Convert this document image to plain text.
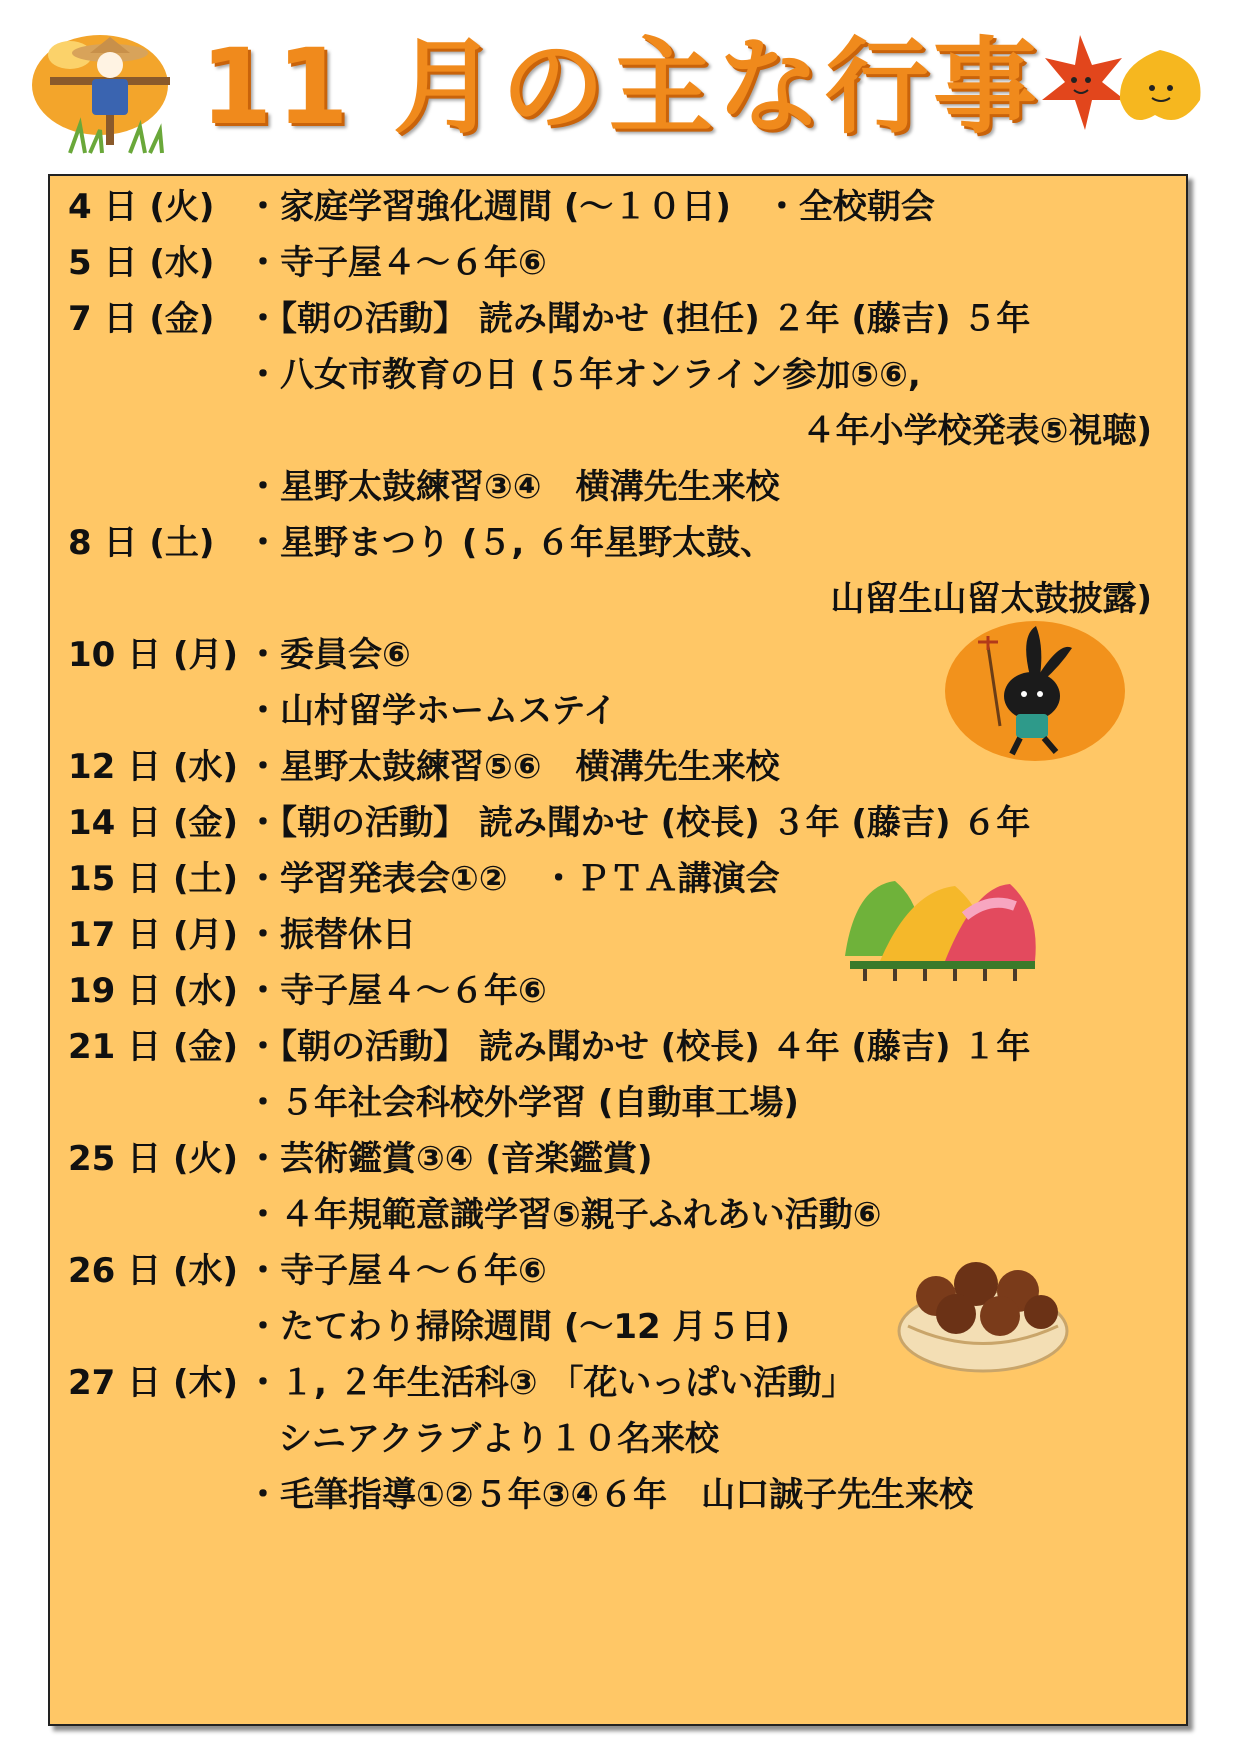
11 月の主な行事
4 日 (火) ・家庭学習強化週間 (～１０日)　・全校朝会
5 日 (水) ・寺子屋４～６年⑥
7 日 (金) ・【朝の活動】 読み聞かせ (担任) ２年 (藤吉) ５年
・八女市教育の日 (５年オンライン参加⑤⑥,
４年小学校発表⑤視聴)
・星野太鼓練習③④　横溝先生来校
8 日 (土) ・星野まつり (５, ６年星野太鼓、
山留生山留太鼓披露)
10 日 (月) ・委員会⑥
・山村留学ホームステイ
12 日 (水) ・星野太鼓練習⑤⑥　横溝先生来校
14 日 (金) ・【朝の活動】 読み聞かせ (校長) ３年 (藤吉) ６年
15 日 (土) ・学習発表会①②　・ＰＴＡ講演会
17 日 (月) ・振替休日
19 日 (水) ・寺子屋４～６年⑥
21 日 (金) ・【朝の活動】 読み聞かせ (校長) ４年 (藤吉) １年
・５年社会科校外学習 (自動車工場)
25 日 (火) ・芸術鑑賞③④ (音楽鑑賞)
・４年規範意識学習⑤親子ふれあい活動⑥
26 日 (水) ・寺子屋４～６年⑥
・たてわり掃除週間 (～12 月５日)
27 日 (木) ・１, ２年生活科③ 「花いっぱい活動」
シニアクラブより１０名来校
・毛筆指導①②５年③④６年　山口誠子先生来校
